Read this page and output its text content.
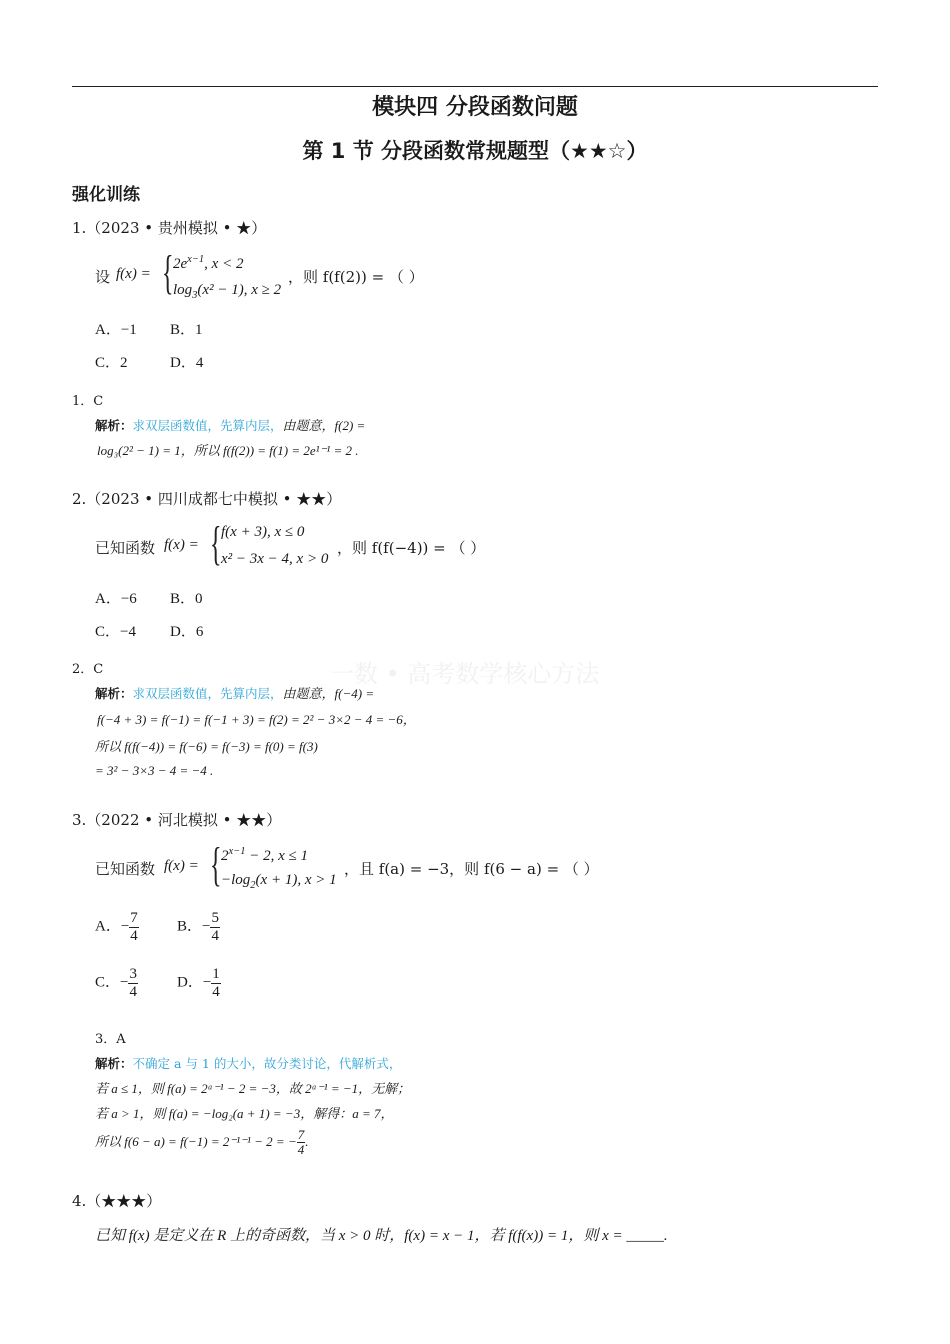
模块四 分段函数问题
第 1 节 分段函数常规题型（★★☆）
强化训练
一数 • 高考数学核心方法
1.（2023 • 贵州模拟 • ★）
设 f(x) = { $2e^{x-1}$, x < 2
$\log_3(x^2 - 1)$, x ≥ 2
，则 f(f(2)) = （ ）
A．−1 B．1
C．2	D．4
1．C
解析：求双层函数值，先算内层，由题意，f(2) =
log₃(2² − 1) = 1，所以 f(f(2)) = f(1) = 2e¹⁻¹ = 2 .
2.（2023 • 四川成都七中模拟 • ★★）
已知函数 f(x) = { f(x + 3), x ≤ 0
x² − 3x − 4, x > 0
，则 f(f(−4)) = （ ）
A．−6 B．0
C．−4 D．6
2．C
解析：求双层函数值，先算内层，由题意，f(−4) =
f(−4 + 3) = f(−1) = f(−1 + 3) = f(2) = 2² − 3×2 − 4 = −6，
所以 f(f(−4)) = f(−6) = f(−3) = f(0) = f(3)
= 3² − 3×3 − 4 = −4 .
3.（2022 • 河北模拟 • ★★）
已知函数 f(x) = { $2^{x-1} - 2$, x ≤ 1
$-\log_2(x + 1)$, x > 1
，且 f(a) = −3，则 f(6 − a) = （ ）
A．− $\frac{7}{4}$	B．− $\frac{5}{4}$
C．− $\frac{3}{4}$	D．− $\frac{1}{4}$
3．A
解析：不确定 a 与 1 的大小，故分类讨论，代解析式，
若 a ≤ 1，则 f(a) = 2ᵃ⁻¹ − 2 = −3，故 2ᵃ⁻¹ = −1，无解；
若 a > 1，则 f(a) = −log₂(a + 1) = −3，解得：a = 7，
所以 f(6 − a) = f(−1) = 2⁻¹⁻¹ − 2 = − $\frac{7}{4}$ .
4.（★★★）
已知 f(x) 是定义在 R 上的奇函数，当 x > 0 时，f(x) = x − 1，若 f(f(x)) = 1，则 x = _____.
